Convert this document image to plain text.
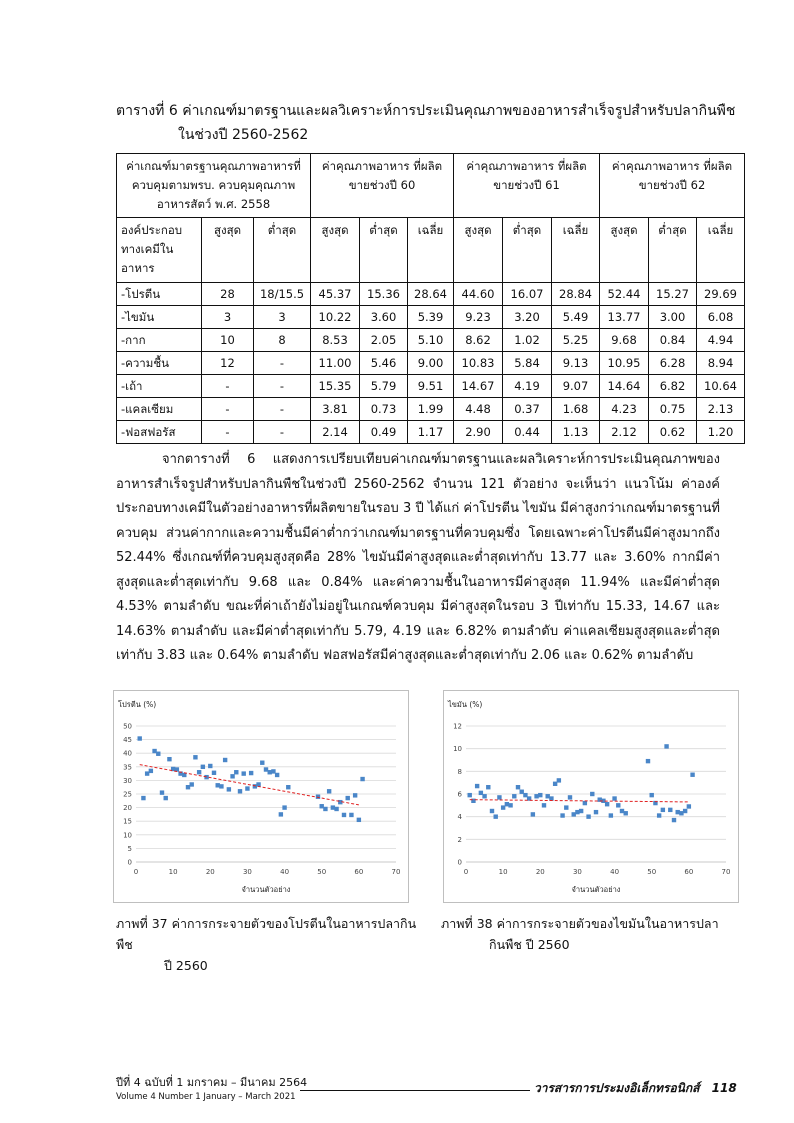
ตารางที่ 6 ค่าเกณฑ์มาตรฐานและผลวิเคราะห์การประเมินคุณภาพของอาหารสำเร็จรูปสำหรับปลากินพืช
ในช่วงปี 2560-2562
ค่าเกณฑ์มาตรฐานคุณภาพอาหารที่ควบคุมตามพรบ. ควบคุมคุณภาพอาหารสัตว์ พ.ศ. 2558			ค่าคุณภาพอาหาร ที่ผลิตขายช่วงปี 60			ค่าคุณภาพอาหาร ที่ผลิตขายช่วงปี 61			ค่าคุณภาพอาหาร ที่ผลิตขายช่วงปี 62		
องค์ประกอบทางเคมีในอาหาร	สูงสุด	ต่ำสุด	สูงสุด	ต่ำสุด	เฉลี่ย	สูงสุด	ต่ำสุด	เฉลี่ย	สูงสุด	ต่ำสุด	เฉลี่ย
-โปรตีน	28	18/15.5	45.37	15.36	28.64	44.60	16.07	28.84	52.44	15.27	29.69
-ไขมัน	3	3	10.22	3.60	5.39	9.23	3.20	5.49	13.77	3.00	6.08
-กาก	10	8	8.53	2.05	5.10	8.62	1.02	5.25	9.68	0.84	4.94
-ความชื้น	12	-	11.00	5.46	9.00	10.83	5.84	9.13	10.95	6.28	8.94
-เถ้า	-	-	15.35	5.79	9.51	14.67	4.19	9.07	14.64	6.82	10.64
-แคลเซียม	-	-	3.81	0.73	1.99	4.48	0.37	1.68	4.23	0.75	2.13
-ฟอสฟอรัส	-	-	2.14	0.49	1.17	2.90	0.44	1.13	2.12	0.62	1.20

จากตารางที่ 6 แสดงการเปรียบเทียบค่าเกณฑ์มาตรฐานและผลวิเคราะห์การประเมินคุณภาพของอาหารสำเร็จรูปสำหรับปลากินพืชในช่วงปี 2560-2562 จำนวน 121 ตัวอย่าง จะเห็นว่า แนวโน้ม ค่าองค์ประกอบทางเคมีในตัวอย่างอาหารที่ผลิตขายในรอบ 3 ปี ได้แก่ ค่าโปรตีน ไขมัน มีค่าสูงกว่าเกณฑ์มาตรฐานที่ควบคุม ส่วนค่ากากและความชื้นมีค่าต่ำกว่าเกณฑ์มาตรฐานที่ควบคุมซึ่ง โดยเฉพาะค่าโปรตีนมีค่าสูงมากถึง 52.44% ซึ่งเกณฑ์ที่ควบคุมสูงสุดคือ 28% ไขมันมีค่าสูงสุดและต่ำสุดเท่ากับ 13.77 และ 3.60% กากมีค่าสูงสุดและต่ำสุดเท่ากับ 9.68 และ 0.84% และค่าความชื้นในอาหารมีค่าสูงสุด 11.94% และมีค่าต่ำสุด 4.53% ตามลำดับ ขณะที่ค่าเถ้ายังไม่อยู่ในเกณฑ์ควบคุม มีค่าสูงสุดในรอบ 3 ปีเท่ากับ 15.33, 14.67 และ 14.63% ตามลำดับ และมีค่าต่ำสุดเท่ากับ 5.79, 4.19 และ 6.82% ตามลำดับ ค่าแคลเซียมสูงสุดและต่ำสุดเท่ากับ 3.83 และ 0.64% ตามลำดับ ฟอสฟอรัสมีค่าสูงสุดและต่ำสุดเท่ากับ 2.06 และ 0.62% ตามลำดับ

โปรตีน (%)
0
5
10
15
20
25
30
35
40
45
50
0	10	20	30	40	50	60	70
จำนวนตัวอย่าง
ไขมัน (%)
0
2
4
6
8
10
12
0	10	20	30	40	50	60	70
จำนวนตัวอย่าง
ภาพที่ 37 ค่าการกระจายตัวของโปรตีนในอาหารปลากินพืช
ปี 2560
ภาพที่ 38 ค่าการกระจายตัวของไขมันในอาหารปลา
กินพืช ปี 2560
ปีที่ 4 ฉบับที่ 1 มกราคม – มีนาคม 2564
Volume 4 Number 1 January – March 2021
วารสารการประมงอิเล็กทรอนิกส์ 118
